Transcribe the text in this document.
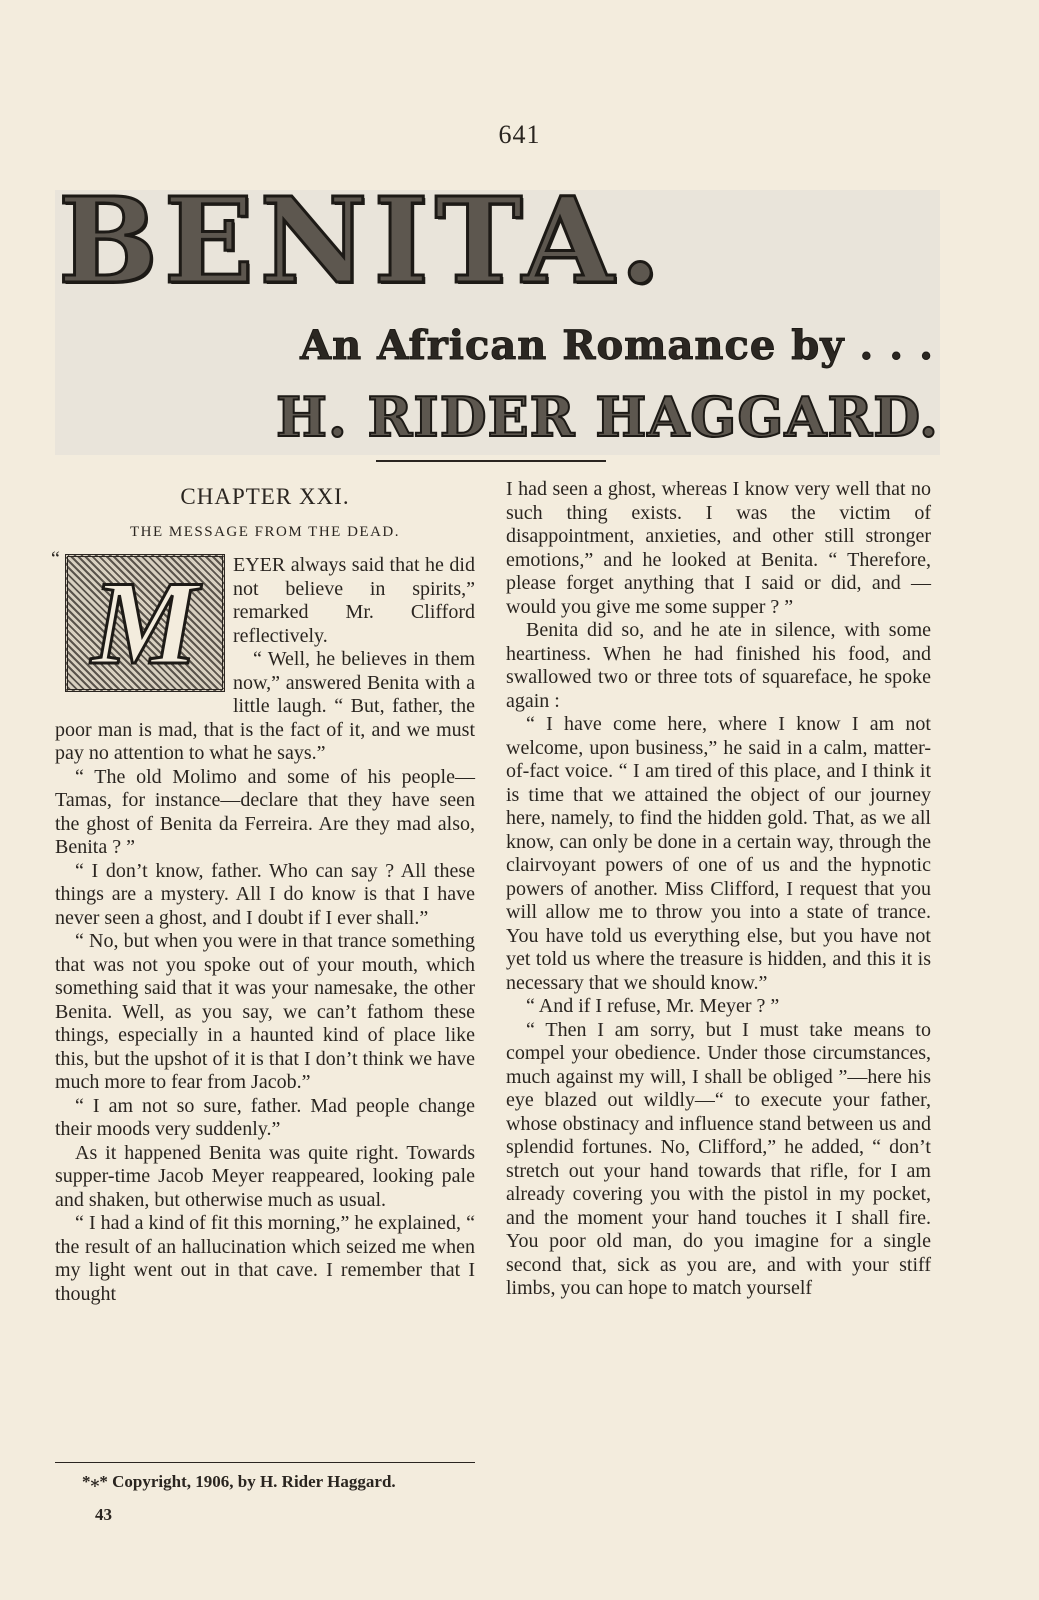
641
BENITA.
An African Romance by . . .
H. RIDER HAGGARD.
CHAPTER XXI.
THE MESSAGE FROM THE DEAD.
“ M	EYER always said that he did not believe in spirits,” remarked Mr. Clifford reflectively.

“ Well, he believes in them now,” answered Benita with a little laugh. “ But, father, the poor man is mad, that is the fact of it, and we must pay no attention to what he says.”

“ The old Molimo and some of his people—Tamas, for instance—declare that they have seen the ghost of Benita da Ferreira. Are they mad also, Benita ? ”

“ I don’t know, father. Who can say ? All these things are a mystery. All I do know is that I have never seen a ghost, and I doubt if I ever shall.”

“ No, but when you were in that trance something that was not you spoke out of your mouth, which something said that it was your namesake, the other Benita. Well, as you say, we can’t fathom these things, especially in a haunted kind of place like this, but the upshot of it is that I don’t think we have much more to fear from Jacob.”

“ I am not so sure, father. Mad people change their moods very suddenly.”

As it happened Benita was quite right. Towards supper-time Jacob Meyer reappeared, looking pale and shaken, but otherwise much as usual.

“ I had a kind of fit this morning,” he explained, “ the result of an hallucination which seized me when my light went out in that cave. I remember that I thought

*⁎* Copyright, 1906, by H. Rider Haggard.
43

I had seen a ghost, whereas I know very well that no such thing exists. I was the victim of disappointment, anxieties, and other still stronger emotions,” and he looked at Benita. “ Therefore, please forget anything that I said or did, and —would you give me some supper ? ”

Benita did so, and he ate in silence, with some heartiness. When he had finished his food, and swallowed two or three tots of squareface, he spoke again :

“ I have come here, where I know I am not welcome, upon business,” he said in a calm, matter-of-fact voice. “ I am tired of this place, and I think it is time that we attained the object of our journey here, namely, to find the hidden gold. That, as we all know, can only be done in a certain way, through the clairvoyant powers of one of us and the hypnotic powers of another. Miss Clifford, I request that you will allow me to throw you into a state of trance. You have told us everything else, but you have not yet told us where the treasure is hidden, and this it is necessary that we should know.”

“ And if I refuse, Mr. Meyer ? ”

“ Then I am sorry, but I must take means to compel your obedience. Under those circumstances, much against my will, I shall be obliged ”—here his eye blazed out wildly—“ to execute your father, whose obstinacy and influence stand between us and splendid fortunes. No, Clifford,” he added, “ don’t stretch out your hand towards that rifle, for I am already covering you with the pistol in my pocket, and the moment your hand touches it I shall fire. You poor old man, do you imagine for a single second that, sick as you are, and with your stiff limbs, you can hope to match yourself
